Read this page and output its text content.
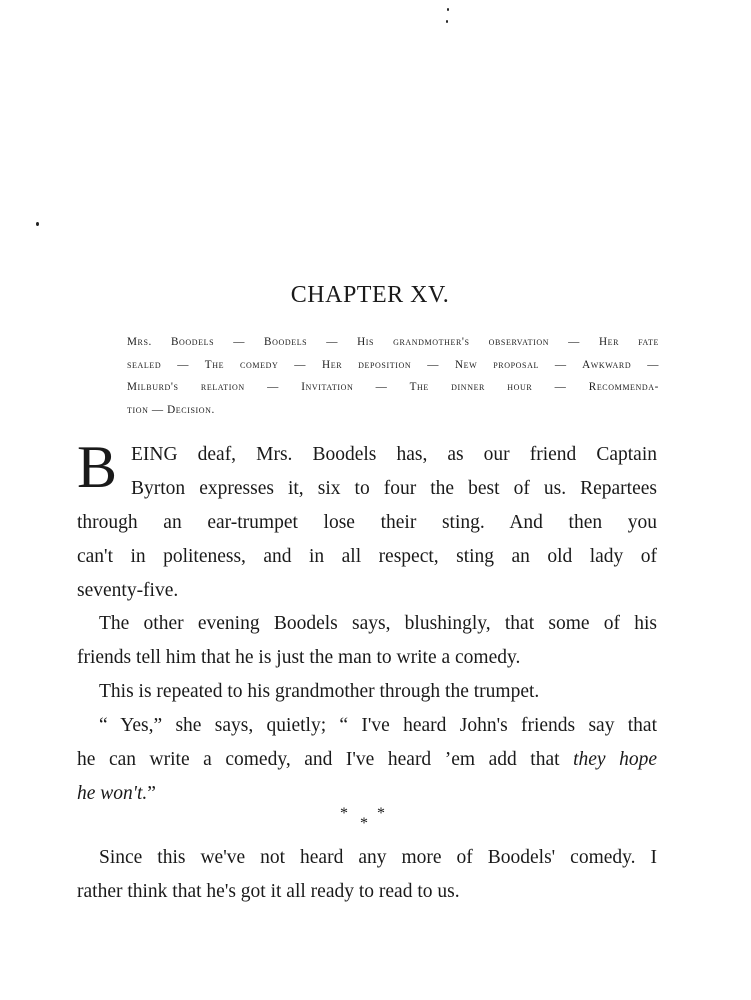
CHAPTER XV.
Mrs. Boodels — Boodels — His grandmother's observation — Her fate
sealed — The comedy — Her deposition — New proposal — Awkward —
Milburd's relation — Invitation — The dinner hour — Recommenda-
tion — Decision.
B EING deaf, Mrs. Boodels has, as our friend Captain
Byrton expresses it, six to four the best of us. Repartees
through an ear-trumpet lose their sting. And then you
can't in politeness, and in all respect, sting an old lady of
seventy-five.
The other evening Boodels says, blushingly, that some of his
friends tell him that he is just the man to write a comedy.
This is repeated to his grandmother through the trumpet.
“ Yes,” she says, quietly; “ I've heard John's friends say that
he can write a comedy, and I've heard ’em add that they hope
he won't.”
*
*
*
Since this we've not heard any more of Boodels' comedy. I
rather think that he's got it all ready to read to us.
